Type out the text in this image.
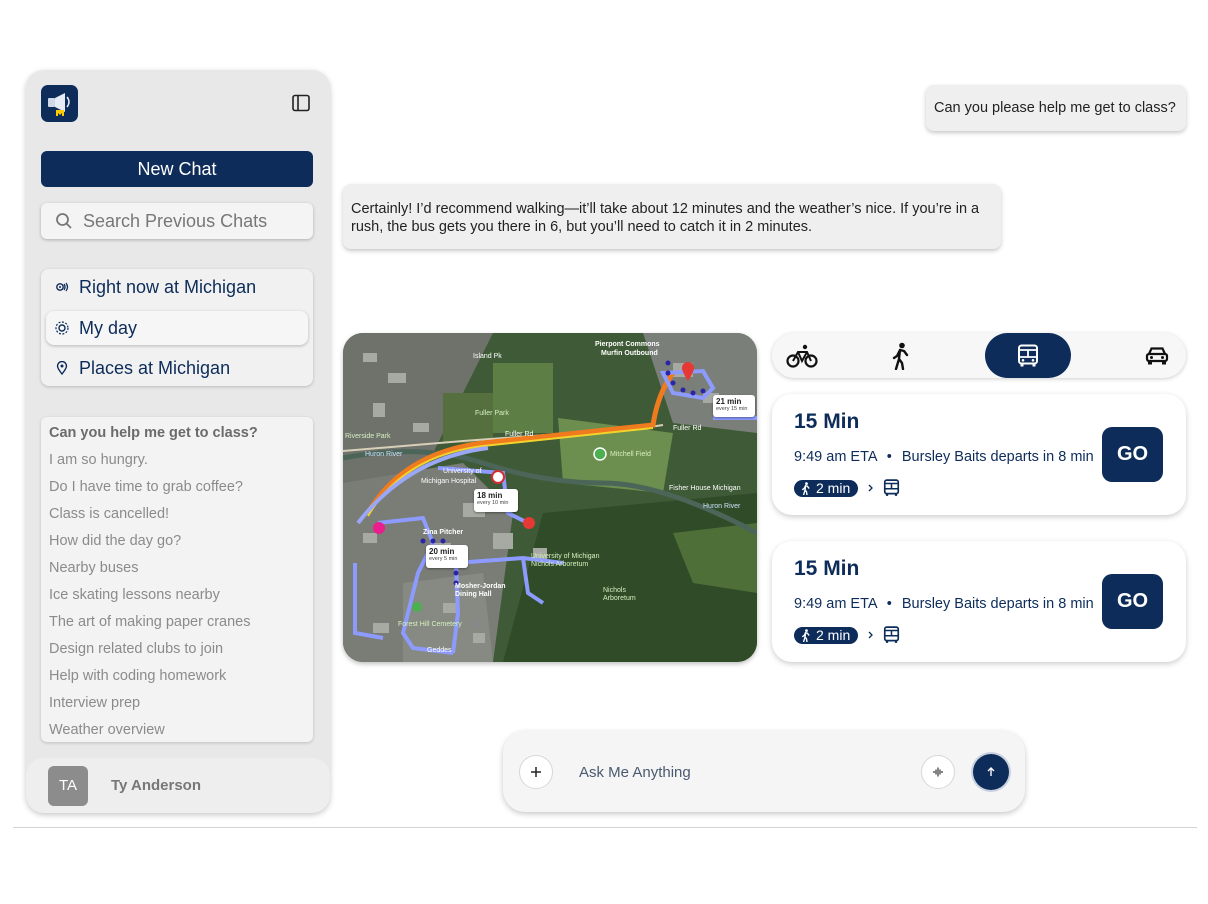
New Chat
Search Previous Chats
Right now at Michigan
My day
Places at Michigan
Can you help me get to class?
I am so hungry.
Do I have time to grab coffee?
Class is cancelled!
How did the day go?
Nearby buses
Ice skating lessons nearby
The art of making paper cranes
Design related clubs to join
Help with coding homework
Interview prep
Weather overview
TA	Ty Anderson
Can you please help me get to class?
Certainly! I’d recommend walking—it’ll take about 12 minutes and the weather’s nice. If you’re in a rush, the bus gets you there in 6, but you’ll need to catch it in 2 minutes.
Pierpont Commons
Murfin Outbound
Island Pk
Fuller Park
Fuller Rd
Fuller Rd
Riverside Park
Huron River
Huron River
Mitchell Field
Fisher House Michigan
University of
Michigan Hospital
Zina Pitcher
University of Michigan Nichols Arboretum
Nichols Arboretum
Mosher-Jordan Dining Hall
Forest Hill Cemetery
Geddes
21 min
every 15 min
18 min
every 10 min
20 min
every 5 min
15 Min
9:49 am ETA • Bursley Baits departs in 8 min
2 min
GO
15 Min
9:49 am ETA • Bursley Baits departs in 8 min
2 min
GO
Ask Me Anything
